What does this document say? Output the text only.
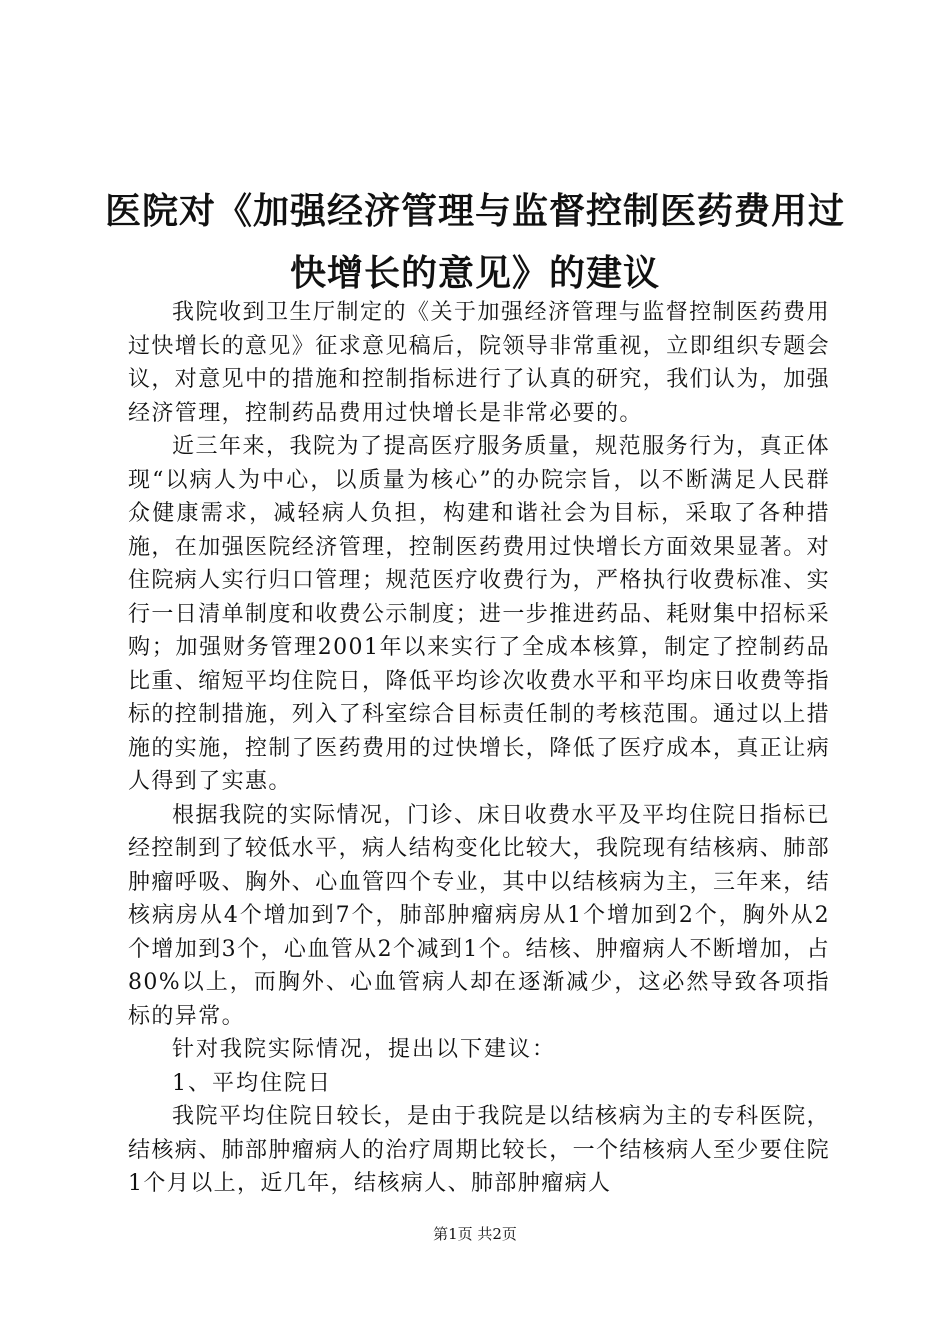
医院对《加强经济管理与监督控制医药费用过快增长的意见》的建议

我院收到卫生厅制定的《关于加强经济管理与监督控制医药费用过快增长的意见》征求意见稿后，院领导非常重视，立即组织专题会议，对意见中的措施和控制指标进行了认真的研究，我们认为，加强经济管理，控制药品费用过快增长是非常必要的。

近三年来，我院为了提高医疗服务质量，规范服务行为，真正体现“以病人为中心，以质量为核心”的办院宗旨，以不断满足人民群众健康需求，减轻病人负担，构建和谐社会为目标，采取了各种措施，在加强医院经济管理，控制医药费用过快增长方面效果显著。对住院病人实行归口管理；规范医疗收费行为，严格执行收费标准、实行一日清单制度和收费公示制度；进一步推进药品、耗财集中招标采购；加强财务管理2001年以来实行了全成本核算，制定了控制药品比重、缩短平均住院日，降低平均诊次收费水平和平均床日收费等指标的控制措施，列入了科室综合目标责任制的考核范围。通过以上措施的实施，控制了医药费用的过快增长，降低了医疗成本，真正让病人得到了实惠。

根据我院的实际情况，门诊、床日收费水平及平均住院日指标已经控制到了较低水平，病人结构变化比较大，我院现有结核病、肺部肿瘤呼吸、胸外、心血管四个专业，其中以结核病为主，三年来，结核病房从4个增加到7个，肺部肿瘤病房从1个增加到2个，胸外从2个增加到3个，心血管从2个减到1个。结核、肿瘤病人不断增加，占80%以上，而胸外、心血管病人却在逐渐减少，这必然导致各项指标的异常。

针对我院实际情况，提出以下建议：

1、平均住院日

我院平均住院日较长，是由于我院是以结核病为主的专科医院，结核病、肺部肿瘤病人的治疗周期比较长，一个结核病人至少要住院1个月以上，近几年，结核病人、肺部肿瘤病人

第1页 共2页
